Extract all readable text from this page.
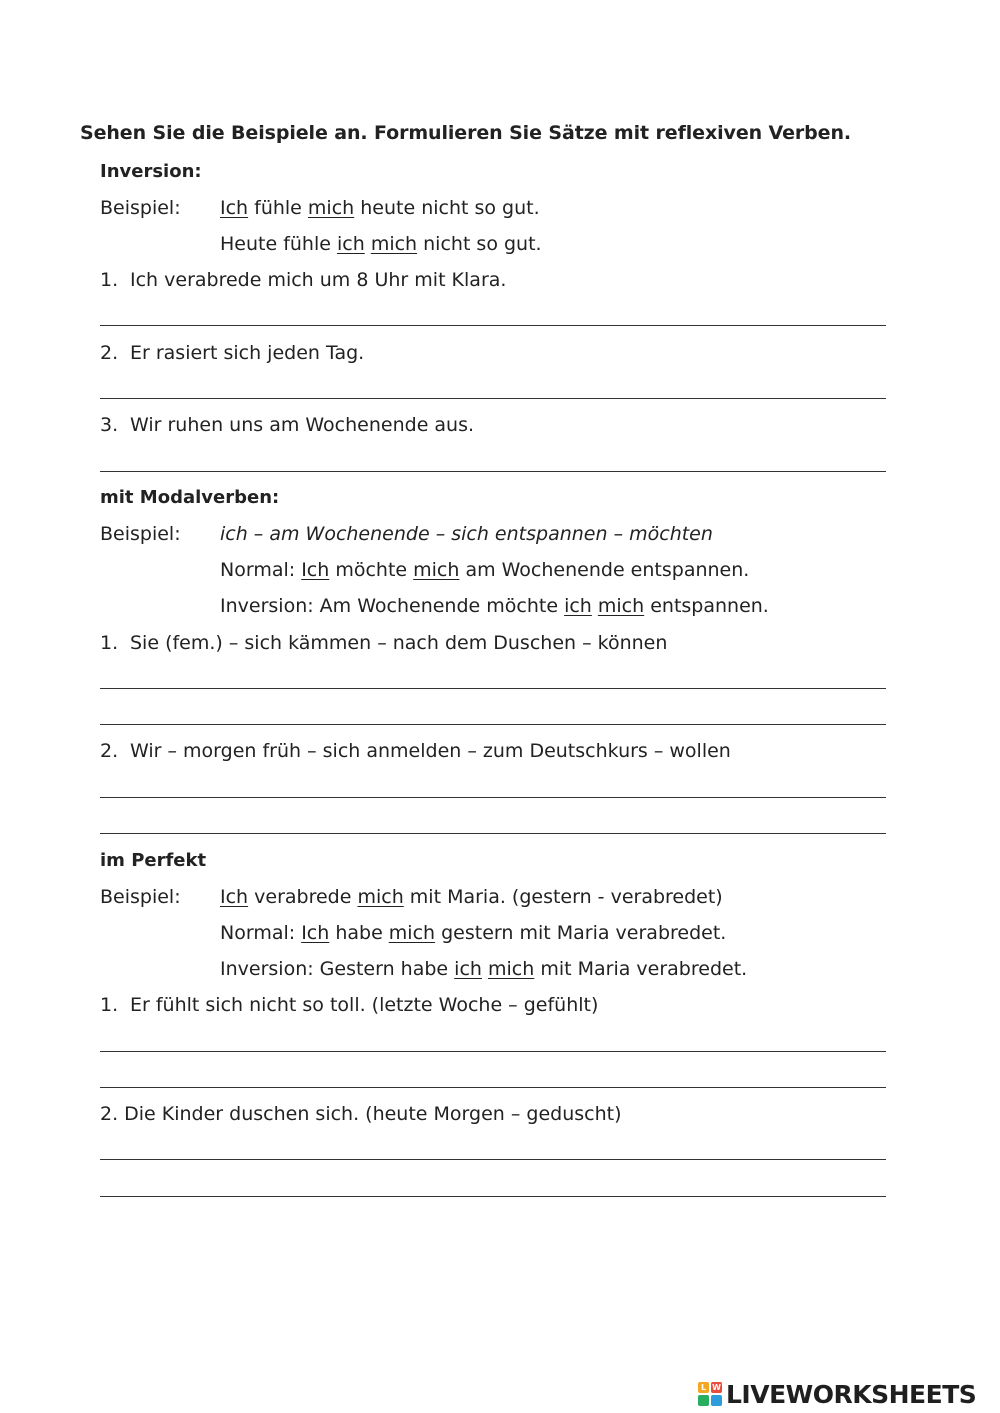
Sehen Sie die Beispiele an. Formulieren Sie Sätze mit reflexiven Verben.

Inversion:

Beispiel:	Ich fühle mich heute nicht so gut.
Heute fühle ich mich nicht so gut.
1. Ich verabrede mich um 8 Uhr mit Klara.
2. Er rasiert sich jeden Tag.
3. Wir ruhen uns am Wochenende aus.

mit Modalverben:

Beispiel:	ich – am Wochenende – sich entspannen – möchten
Normal: Ich möchte mich am Wochenende entspannen.
Inversion: Am Wochenende möchte ich mich entspannen.
1. Sie (fem.) – sich kämmen – nach dem Duschen – können
2. Wir – morgen früh – sich anmelden – zum Deutschkurs – wollen

im Perfekt

Beispiel:	Ich verabrede mich mit Maria. (gestern - verabredet)
Normal: Ich habe mich gestern mit Maria verabredet.
Inversion: Gestern habe ich mich mit Maria verabredet.
1. Er fühlt sich nicht so toll. (letzte Woche – gefühlt)
2. Die Kinder duschen sich. (heute Morgen – geduscht)
L W LIVEWORKSHEETS
